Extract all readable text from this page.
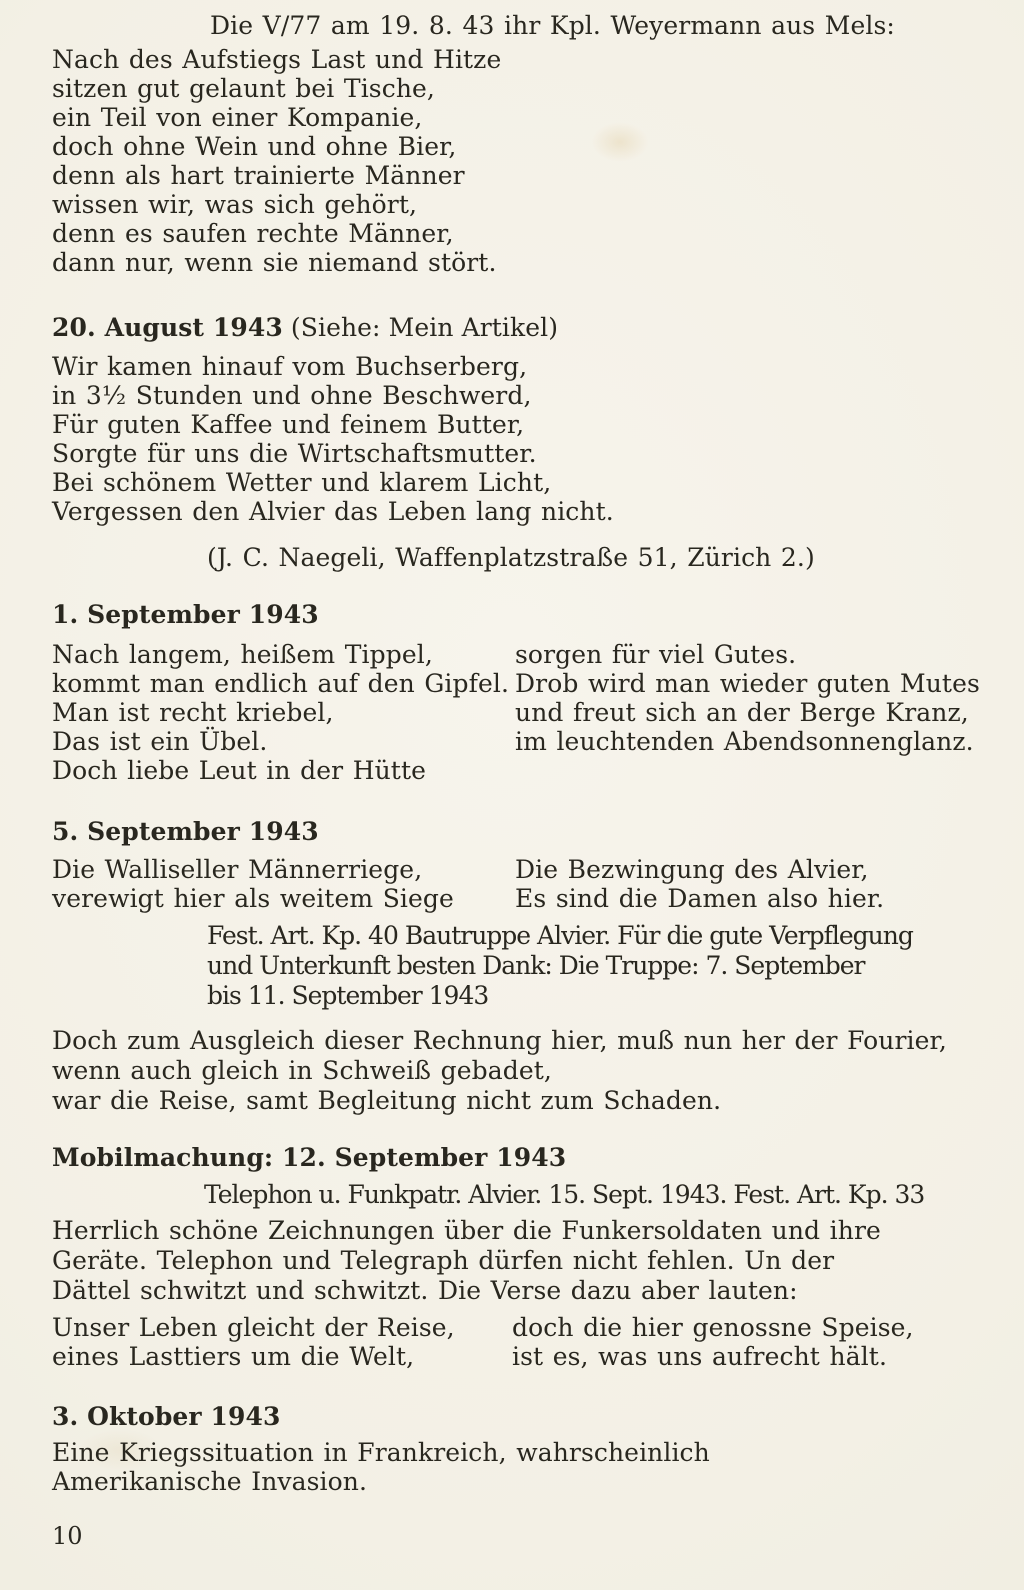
Die V/77 am 19. 8. 43 ihr Kpl. Weyermann aus Mels:
Nach des Aufstiegs Last und Hitze
sitzen gut gelaunt bei Tische,
ein Teil von einer Kompanie,
doch ohne Wein und ohne Bier,
denn als hart trainierte Männer
wissen wir, was sich gehört,
denn es saufen rechte Männer,
dann nur, wenn sie niemand stört.
20. August 1943 (Siehe: Mein Artikel)
Wir kamen hinauf vom Buchserberg,
in 3½ Stunden und ohne Beschwerd,
Für guten Kaffee und feinem Butter,
Sorgte für uns die Wirtschaftsmutter.
Bei schönem Wetter und klarem Licht,
Vergessen den Alvier das Leben lang nicht.
(J. C. Naegeli, Waffenplatzstraße 51, Zürich 2.)
1. September 1943
Nach langem, heißem Tippel,
kommt man endlich auf den Gipfel.
Man ist recht kriebel,
Das ist ein Übel.
Doch liebe Leut in der Hütte
sorgen für viel Gutes.
Drob wird man wieder guten Mutes
und freut sich an der Berge Kranz,
im leuchtenden Abendsonnenglanz.
5. September 1943
Die Walliseller Männerriege,
verewigt hier als weitem Siege
Die Bezwingung des Alvier,
Es sind die Damen also hier.
Fest. Art. Kp. 40 Bautruppe Alvier. Für die gute Verpflegung
und Unterkunft besten Dank: Die Truppe: 7. September
bis 11. September 1943
Doch zum Ausgleich dieser Rechnung hier, muß nun her der Fourier,
wenn auch gleich in Schweiß gebadet,
war die Reise, samt Begleitung nicht zum Schaden.
Mobilmachung: 12. September 1943
Telephon u. Funkpatr. Alvier. 15. Sept. 1943. Fest. Art. Kp. 33
Herrlich schöne Zeichnungen über die Funkersoldaten und ihre
Geräte. Telephon und Telegraph dürfen nicht fehlen. Un der
Dättel schwitzt und schwitzt. Die Verse dazu aber lauten:
Unser Leben gleicht der Reise,
eines Lasttiers um die Welt,
doch die hier genossne Speise,
ist es, was uns aufrecht hält.
3. Oktober 1943
Eine Kriegssituation in Frankreich, wahrscheinlich
Amerikanische Invasion.
10
